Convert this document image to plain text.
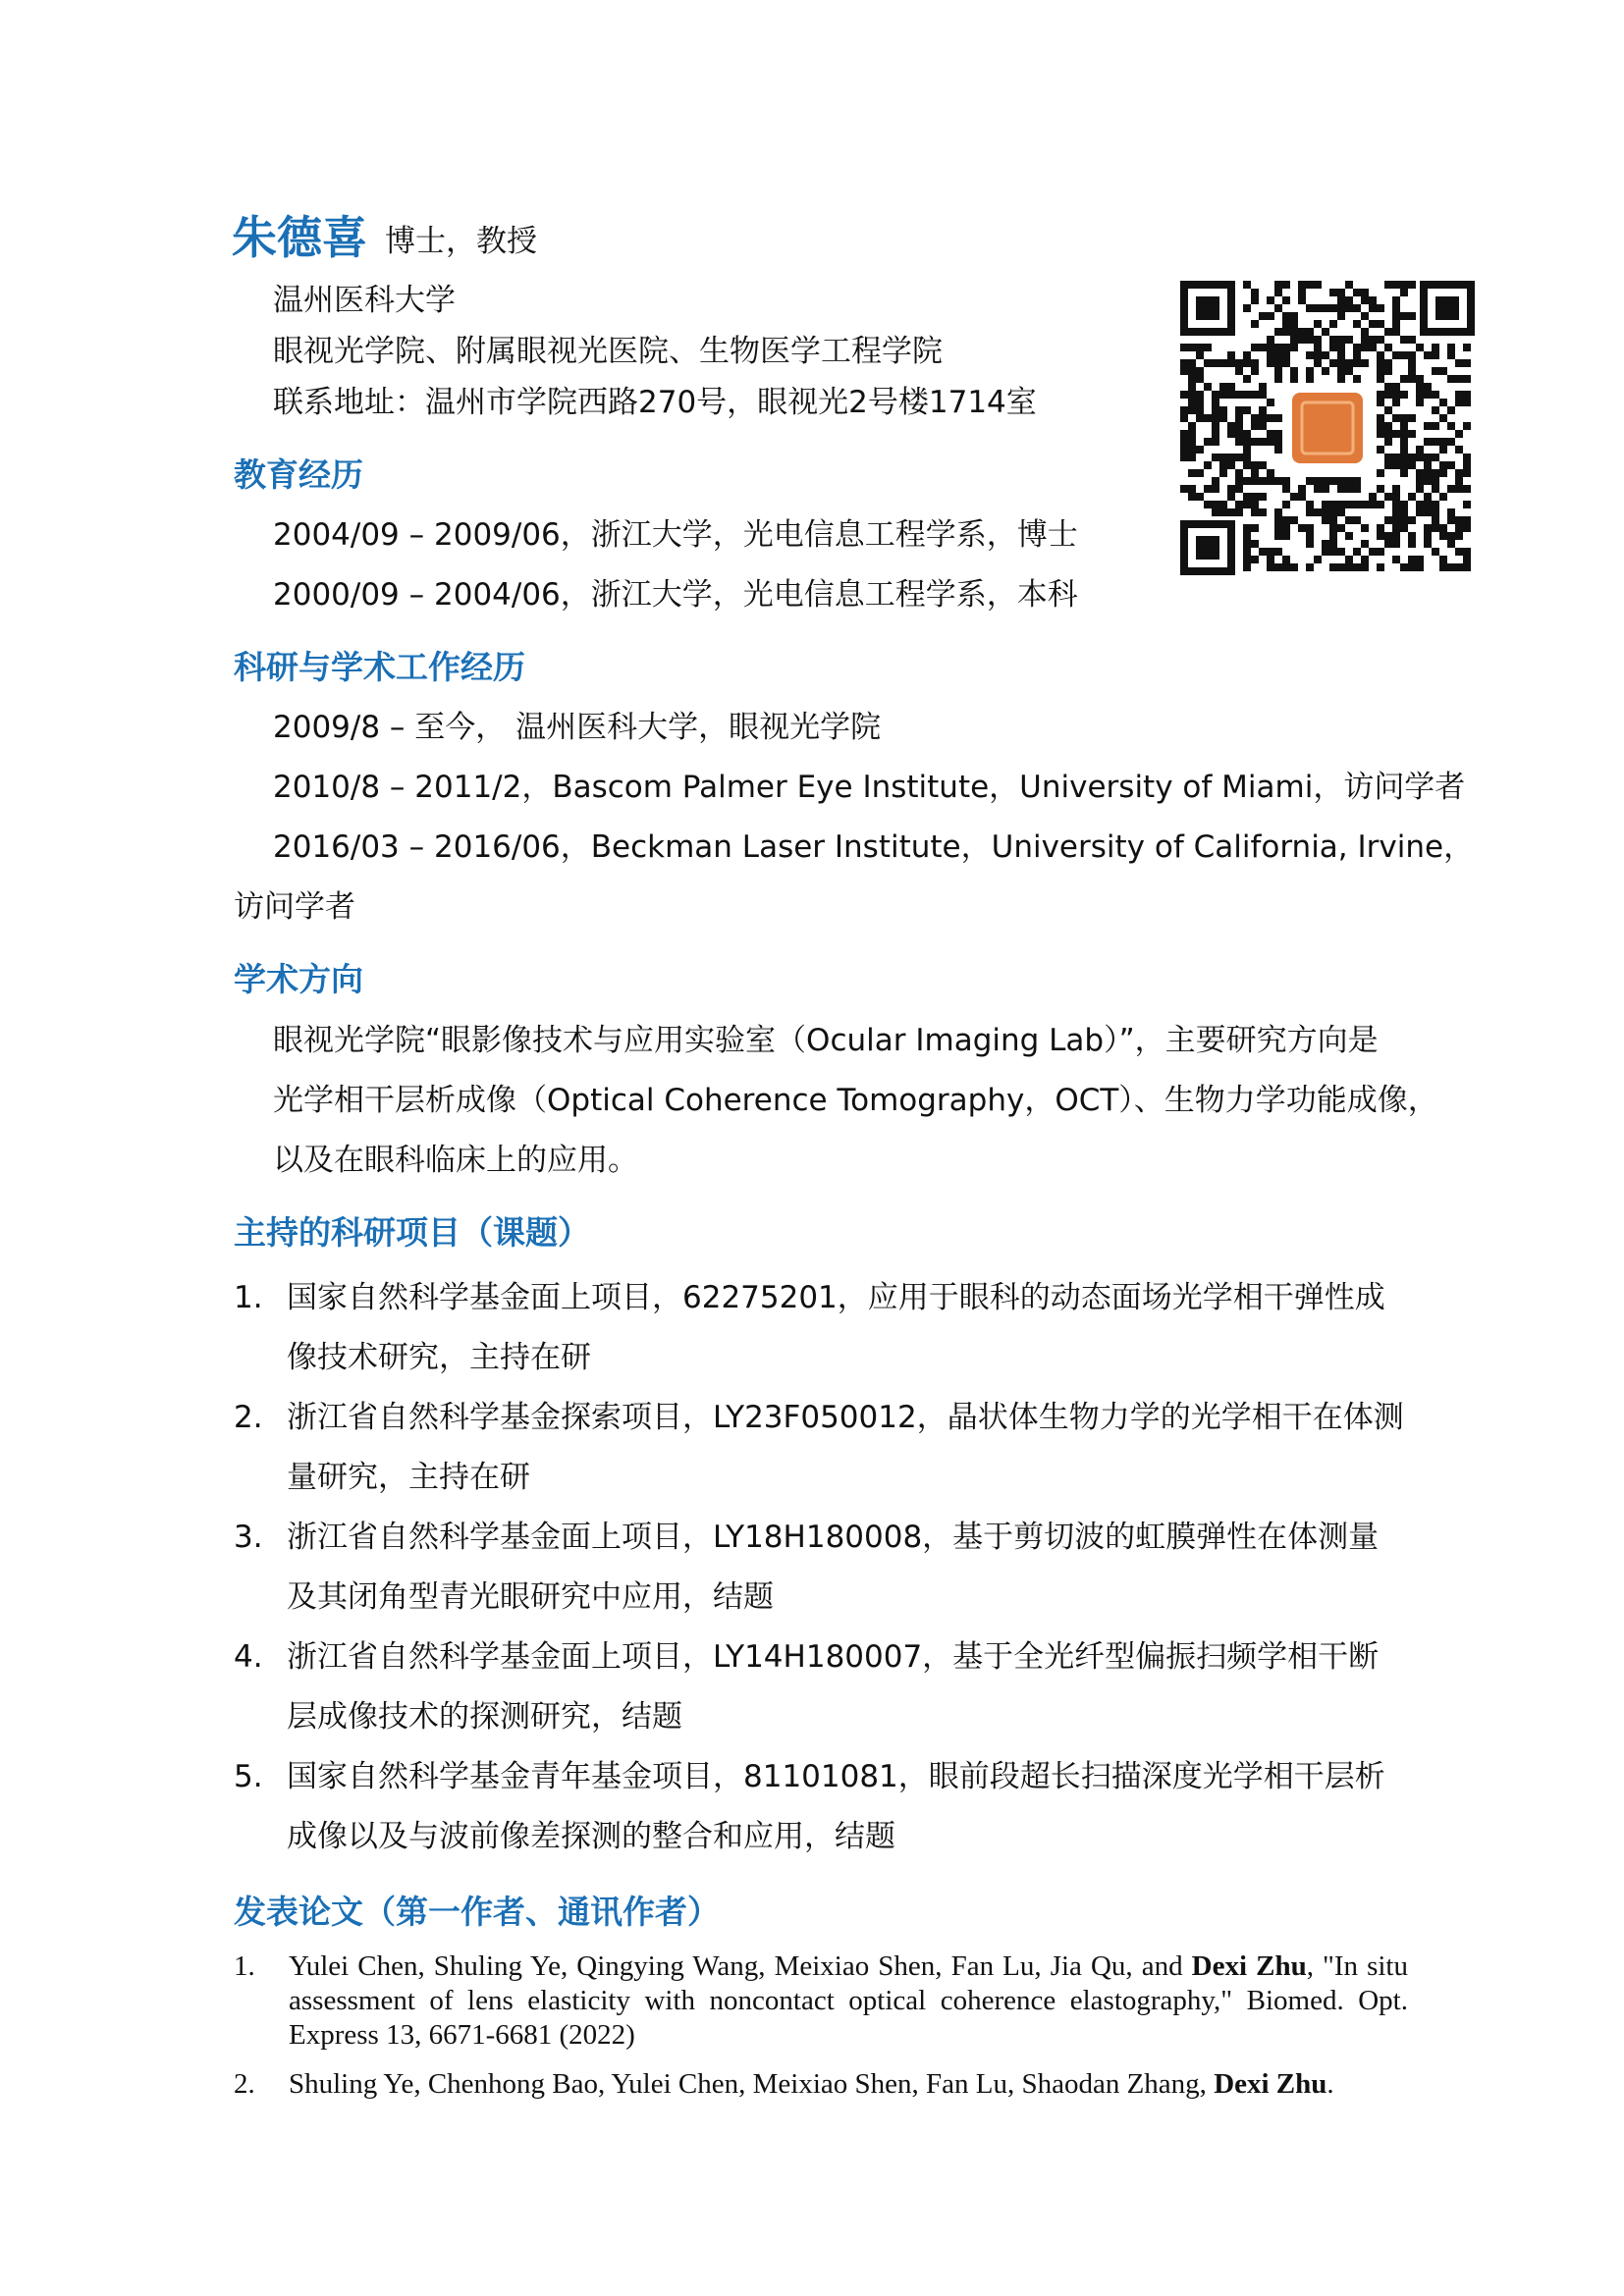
朱德喜 博士，教授
温州医科大学
眼视光学院、附属眼视光医院、生物医学工程学院
联系地址：温州市学院西路270号，眼视光2号楼1714室
教育经历
2004/09 – 2009/06，浙江大学，光电信息工程学系，博士
2000/09 – 2004/06，浙江大学，光电信息工程学系，本科
科研与学术工作经历
2009/8 – 至今， 温州医科大学，眼视光学院
2010/8 – 2011/2，Bascom Palmer Eye Institute，University of Miami，访问学者
2016/03 – 2016/06，Beckman Laser Institute，University of California, Irvine，
访问学者
学术方向
眼视光学院“眼影像技术与应用实验室（Ocular Imaging Lab）”，主要研究方向是
光学相干层析成像（Optical Coherence Tomography，OCT）、生物力学功能成像，
以及在眼科临床上的应用。
主持的科研项目（课题）
1. 国家自然科学基金面上项目，62275201，应用于眼科的动态面场光学相干弹性成像技术研究，主持在研
2. 浙江省自然科学基金探索项目，LY23F050012，晶状体生物力学的光学相干在体测量研究，主持在研
3. 浙江省自然科学基金面上项目，LY18H180008，基于剪切波的虹膜弹性在体测量及其闭角型青光眼研究中应用，结题
4. 浙江省自然科学基金面上项目，LY14H180007，基于全光纤型偏振扫频学相干断层成像技术的探测研究，结题
5. 国家自然科学基金青年基金项目，81101081，眼前段超长扫描深度光学相干层析成像以及与波前像差探测的整合和应用，结题
发表论文（第一作者、通讯作者）
1. Yulei Chen, Shuling Ye, Qingying Wang, Meixiao Shen, Fan Lu, Jia Qu, and Dexi Zhu, "In situ assessment of lens elasticity with noncontact optical coherence elastography," Biomed. Opt. Express 13, 6671-6681 (2022)
2. Shuling Ye, Chenhong Bao, Yulei Chen, Meixiao Shen, Fan Lu, Shaodan Zhang, Dexi Zhu.
